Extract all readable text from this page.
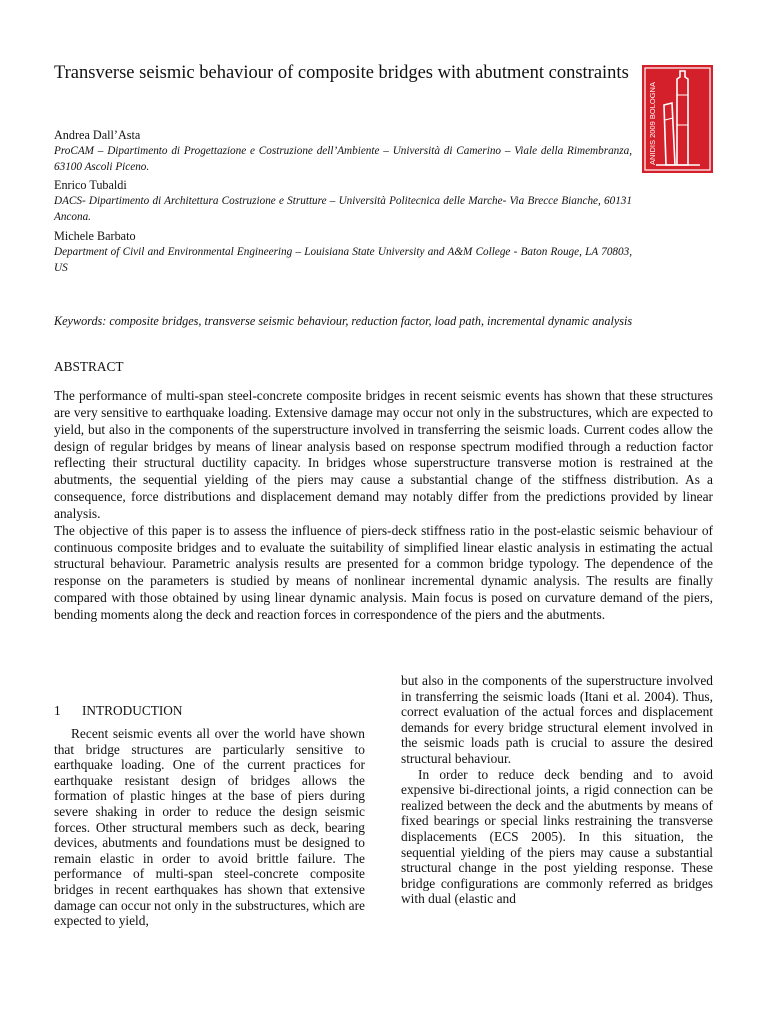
Transverse seismic behaviour of composite bridges with abutment constraints
ANIDIS 2009 BOLOGNA

Andrea Dall’Asta

ProCAM – Dipartimento di Progettazione e Costruzione dell’Ambiente – Università di Camerino – Viale della Rimembranza, 63100 Ascoli Piceno.

Enrico Tubaldi

DACS- Dipartimento di Architettura Costruzione e Strutture – Università Politecnica delle Marche- Via Brecce Bianche, 60131 Ancona.

Michele Barbato

Department of Civil and Environmental Engineering – Louisiana State University and A&M College - Baton Rouge, LA 70803, US

Keywords: composite bridges, transverse seismic behaviour, reduction factor, load path, incremental dynamic analysis

ABSTRACT

The performance of multi-span steel-concrete composite bridges in recent seismic events has shown that these structures are very sensitive to earthquake loading. Extensive damage may occur not only in the substructures, which are expected to yield, but also in the components of the superstructure involved in transferring the seismic loads. Current codes allow the design of regular bridges by means of linear analysis based on response spectrum modified through a reduction factor reflecting their structural ductility capacity. In bridges whose superstructure transverse motion is restrained at the abutments, the sequential yielding of the piers may cause a substantial change of the stiffness distribution. As a consequence, force distributions and displacement demand may notably differ from the predictions provided by linear analysis.

The objective of this paper is to assess the influence of piers-deck stiffness ratio in the post-elastic seismic behaviour of continuous composite bridges and to evaluate the suitability of simplified linear elastic analysis in estimating the actual structural behaviour. Parametric analysis results are presented for a common bridge typology. The dependence of the response on the parameters is studied by means of nonlinear incremental dynamic analysis. The results are finally compared with those obtained by using linear dynamic analysis. Main focus is posed on curvature demand of the piers, bending moments along the deck and reaction forces in correspondence of the piers and the abutments.

1 INTRODUCTION

Recent seismic events all over the world have shown that bridge structures are particularly sensitive to earthquake loading. One of the current practices for earthquake resistant design of bridges allows the formation of plastic hinges at the base of piers during severe shaking in order to reduce the design seismic forces. Other structural members such as deck, bearing devices, abutments and foundations must be designed to remain elastic in order to avoid brittle failure. The performance of multi-span steel-concrete composite bridges in recent earthquakes has shown that extensive damage can occur not only in the substructures, which are expected to yield,

but also in the components of the superstructure involved in transferring the seismic loads (Itani et al. 2004). Thus, correct evaluation of the actual forces and displacement demands for every bridge structural element involved in the seismic loads path is crucial to assure the desired structural behaviour.

In order to reduce deck bending and to avoid expensive bi-directional joints, a rigid connection can be realized between the deck and the abutments by means of fixed bearings or special links restraining the transverse displacements (ECS 2005). In this situation, the sequential yielding of the piers may cause a substantial structural change in the post yielding response. These bridge configurations are commonly referred as bridges with dual (elastic and
